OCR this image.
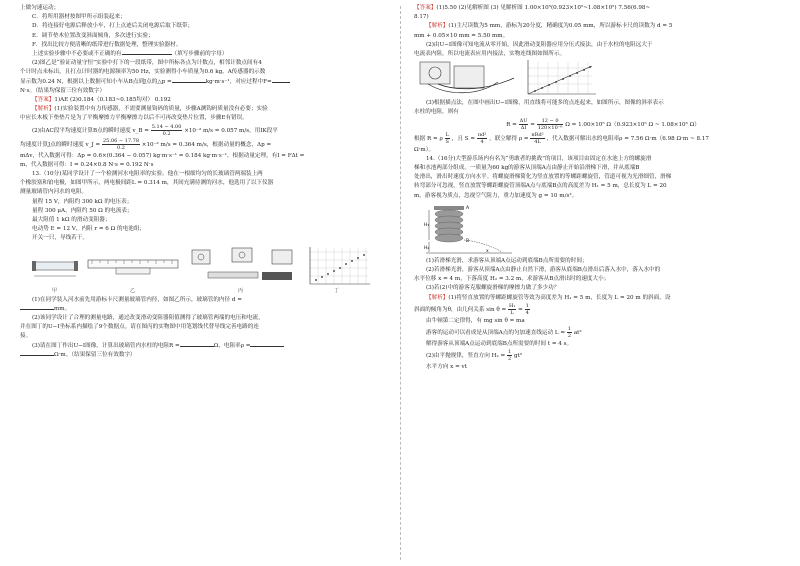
上做匀速运动；

C．将所用器材按图甲所示组装起来；

D．将连接好电源后释放小车，打上点迹后关闭电源后取下纸带；

E．调节垫木位置改变斜面倾角，多次进行实验；

F．找出比较方便清晰的纸带进行数据处理，整理实验器材。

上述实验步骤中不必要或不正确的有	（填写步骤前的字母）

(2)图乙是“验证动量守恒”实验中打下的一段纸带，图中所标各点为计数点，相邻计数点间有4

个计时点未标出，且打点计时器的电源频率为50 Hz，实验测得小车质量为0.6 kg，A传感器的示数

显示数为0.24 N，根据以上数据可知小车从B点到J点的△p =	kg·m·s⁻¹，对应过程中F=

N·s。（结果均保留三位有效数字）

【答案】1)AE (2)0.184（0.183~0.185均对） 0.192

【解析】(1)实验装置中有力传感器，不需要测量钩码的质量，步骤A测钩码质量没有必要；实验

中应长木板下垫垫片是为了平衡摩擦力平衡摩擦力以后不可再改变垫片位置，步骤E有错误。

(2)由AC段平均速度计算B点的瞬时速度 v_B = $\frac{5.14 - 4.00}{0.2} \times 10^{-2}$ m/s = 0.057 m/s，用IK段平

均速度计算J点的瞬时速度 v_J = $\frac{25.06 - 17.78}{0.2} \times 10^{-2}$ m/s = 0.364 m/s，根据动量的概念，Δp =

mΔv，代入数据可得：Δp = 0.6×(0.364 − 0.057) kg·m·s⁻¹ = 0.184 kg·m·s⁻¹，根据动量定理，有I = FΔt =

m，代入数据可得：I = 0.24×0.8 N·s = 0.192 N·s

13.（10分)某同学设计了一个检测河水电阻率的实验。他在一根细均匀的长玻璃管两端装上两

个橡胶塞和铂电极，如图甲所示，两电极间距L = 0.314 m，其间充满待测的河水，他选用了以下仪器

测量玻璃管内河水的电阻。

量程 15 V，内阻约 300 kΩ 的电压表；

量程 300 μA，内阻约 50 Ω 的电流表；

最大阻值 1 kΩ 的滑动变阻器；

电动势 E = 12 V，内阻 r = 6 Ω 的电池组；

开关一只，导线若干。

甲	乙	丙	丁

(1)在同学装入河水前先用游标卡尺测量玻璃管内径，如图乙所示，玻璃管的内径 d =

mm。

(2)该同学设计了合理的测量电路，通过改变滑动变阻器阻值测得了玻璃管两端的电压和电流，

并在图丁的U−I坐标系内描绘了9个数据点。请在图丙的实物图中用笔划线代替导线完善电路的连

接。

(3)请在图丁作出U−I图像，计算出玻璃管内水柱的电阻R =	Ω，电阻率ρ =

Ω·m。（结果保留三位有效数字）

【答案】(1)5.50 (2)见解析图 (3) 见解析图 1.00×10⁵(0.923×10⁵~1.08×10⁵) 7.56(6.98~

8.17)

【解析】(1)主尺读数为5 mm，游标为20分度，精确度为0.05 mm，所以游标卡尺的读数为 d = 5

mm + 0.05×10 mm = 5.50 mm。

(2)由U−I图像可知电流从零开始，因此滑动变阻器应用分压式接法，由于水柱的电阻远大于

电流表内阻，所以电流表应用内接法，实物连线图如图所示。

(3)根据描点法，在图中画出U−I图像，用直线将可能多的点连起来，如图所示，图像的斜率表示

水柱的电阻，则有

$R = \frac{\Delta U}{\Delta I} = \frac{12 - 0}{\text{120×10⁻⁶}}$ Ω = 1.00×10⁵ Ω（0.923×10⁵ Ω ~ 1.08×10⁵ Ω）

根据 R = ρ $\frac{L}{S}$ ，且 $S = \frac{\text{πd²}}{4}$ ，联立解得 $\rho = \frac{\text{πRd²}}{4L}$ ，代入数据可解出水的电阻率ρ = 7.56 Ω·m（6.98 Ω·m ~ 8.17

Ω·m）。

14.（16分)大型游乐场内有名为“勇敢者的挑战”的项目，该项目由固定在水池上方的螺旋滑

梯和水池两部分组成。一质量为60 kg的游客从顶端A点由静止开始沿滑梯下滑，并从底端B

处滑出，滑出时速度方向水平。将螺旋滑梯简化为竖直放置的等螺距螺旋管，管道可视为光滑细管，滑梯

转弯部分可忽视，竖直放置等螺距螺旋管顶端A点与底端B点的高度差为 H₁ = 5 m，总长度为 L = 20

m，游客视为质点，忽视空气阻力，重力加速度为 g = 10 m/s²。

H₁
H₂
A
B
x

(1)若滑梯光滑，求游客从顶端A点运动到底端B点所需要的时间；

(2)若滑梯光滑，游客从顶端A点由静止自然下滑，游客从底端B点滑出后落入水中，落入水中的

水平位移 x = 4 m，下落高度 H₂ = 3.2 m，求游客从B点滑出时的速度大小；

(3)若(2)中的游客克服螺旋滑梯的摩擦力做了多少功？

【解析】(1)将竖直放置的等螺距螺旋管等效为高度差为 H₁ = 5 m，长度为 L = 20 m 的斜面，设

斜面的倾角为θ，由几何关系 $\sin \theta = \frac{\text{H₁}}{L} = \frac{1}{4}$

由牛顿第二定律得，有 mg sin θ = ma

游客的运动可以看成是从顶端A点的匀加速直线运动 $L = \frac{1}{2} at^2$

解得游客从顶端A点运动到底端B点所需要的时间 t = 4 s。

(2)由平抛规律，竖直方向 $H_2 = \frac{1}{2} gt^2$

水平方向 x = vt
